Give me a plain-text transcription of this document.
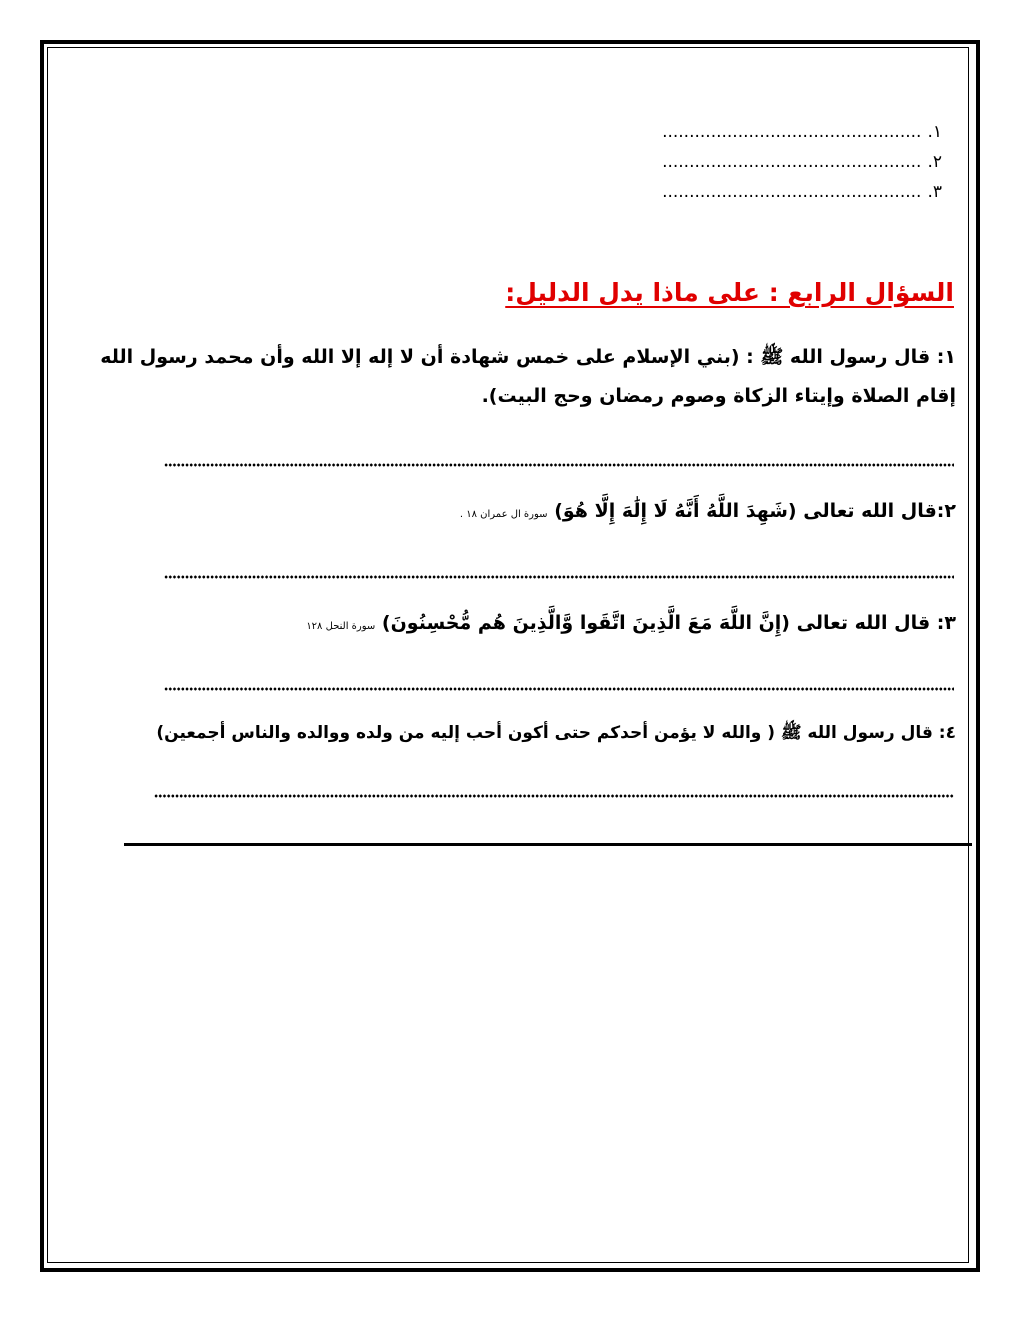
١.................................................
٢.................................................
٣.................................................
السؤال الرابع : على ماذا يدل الدليل:
١: قال رسول الله ﷺ : (بني الإسلام على خمس شهادة أن لا إله إلا الله وأن محمد رسول الله
إقام الصلاة وإيتاء الزكاة وصوم رمضان وحج البيت).
٢:قال الله تعالى (شَهِدَ اللَّهُ أَنَّهُ لَا إِلَٰهَ إِلَّا هُوَ) سورة ال عمران ١٨ .
٣: قال الله تعالى (إِنَّ اللَّهَ مَعَ الَّذِينَ اتَّقَوا وَّالَّذِينَ هُم مُّحْسِنُونَ) سورة النحل ١٢٨
٤: قال رسول الله ﷺ ( والله لا يؤمن أحدكم حتى أكون أحب إليه من ولده ووالده والناس أجمعين)
